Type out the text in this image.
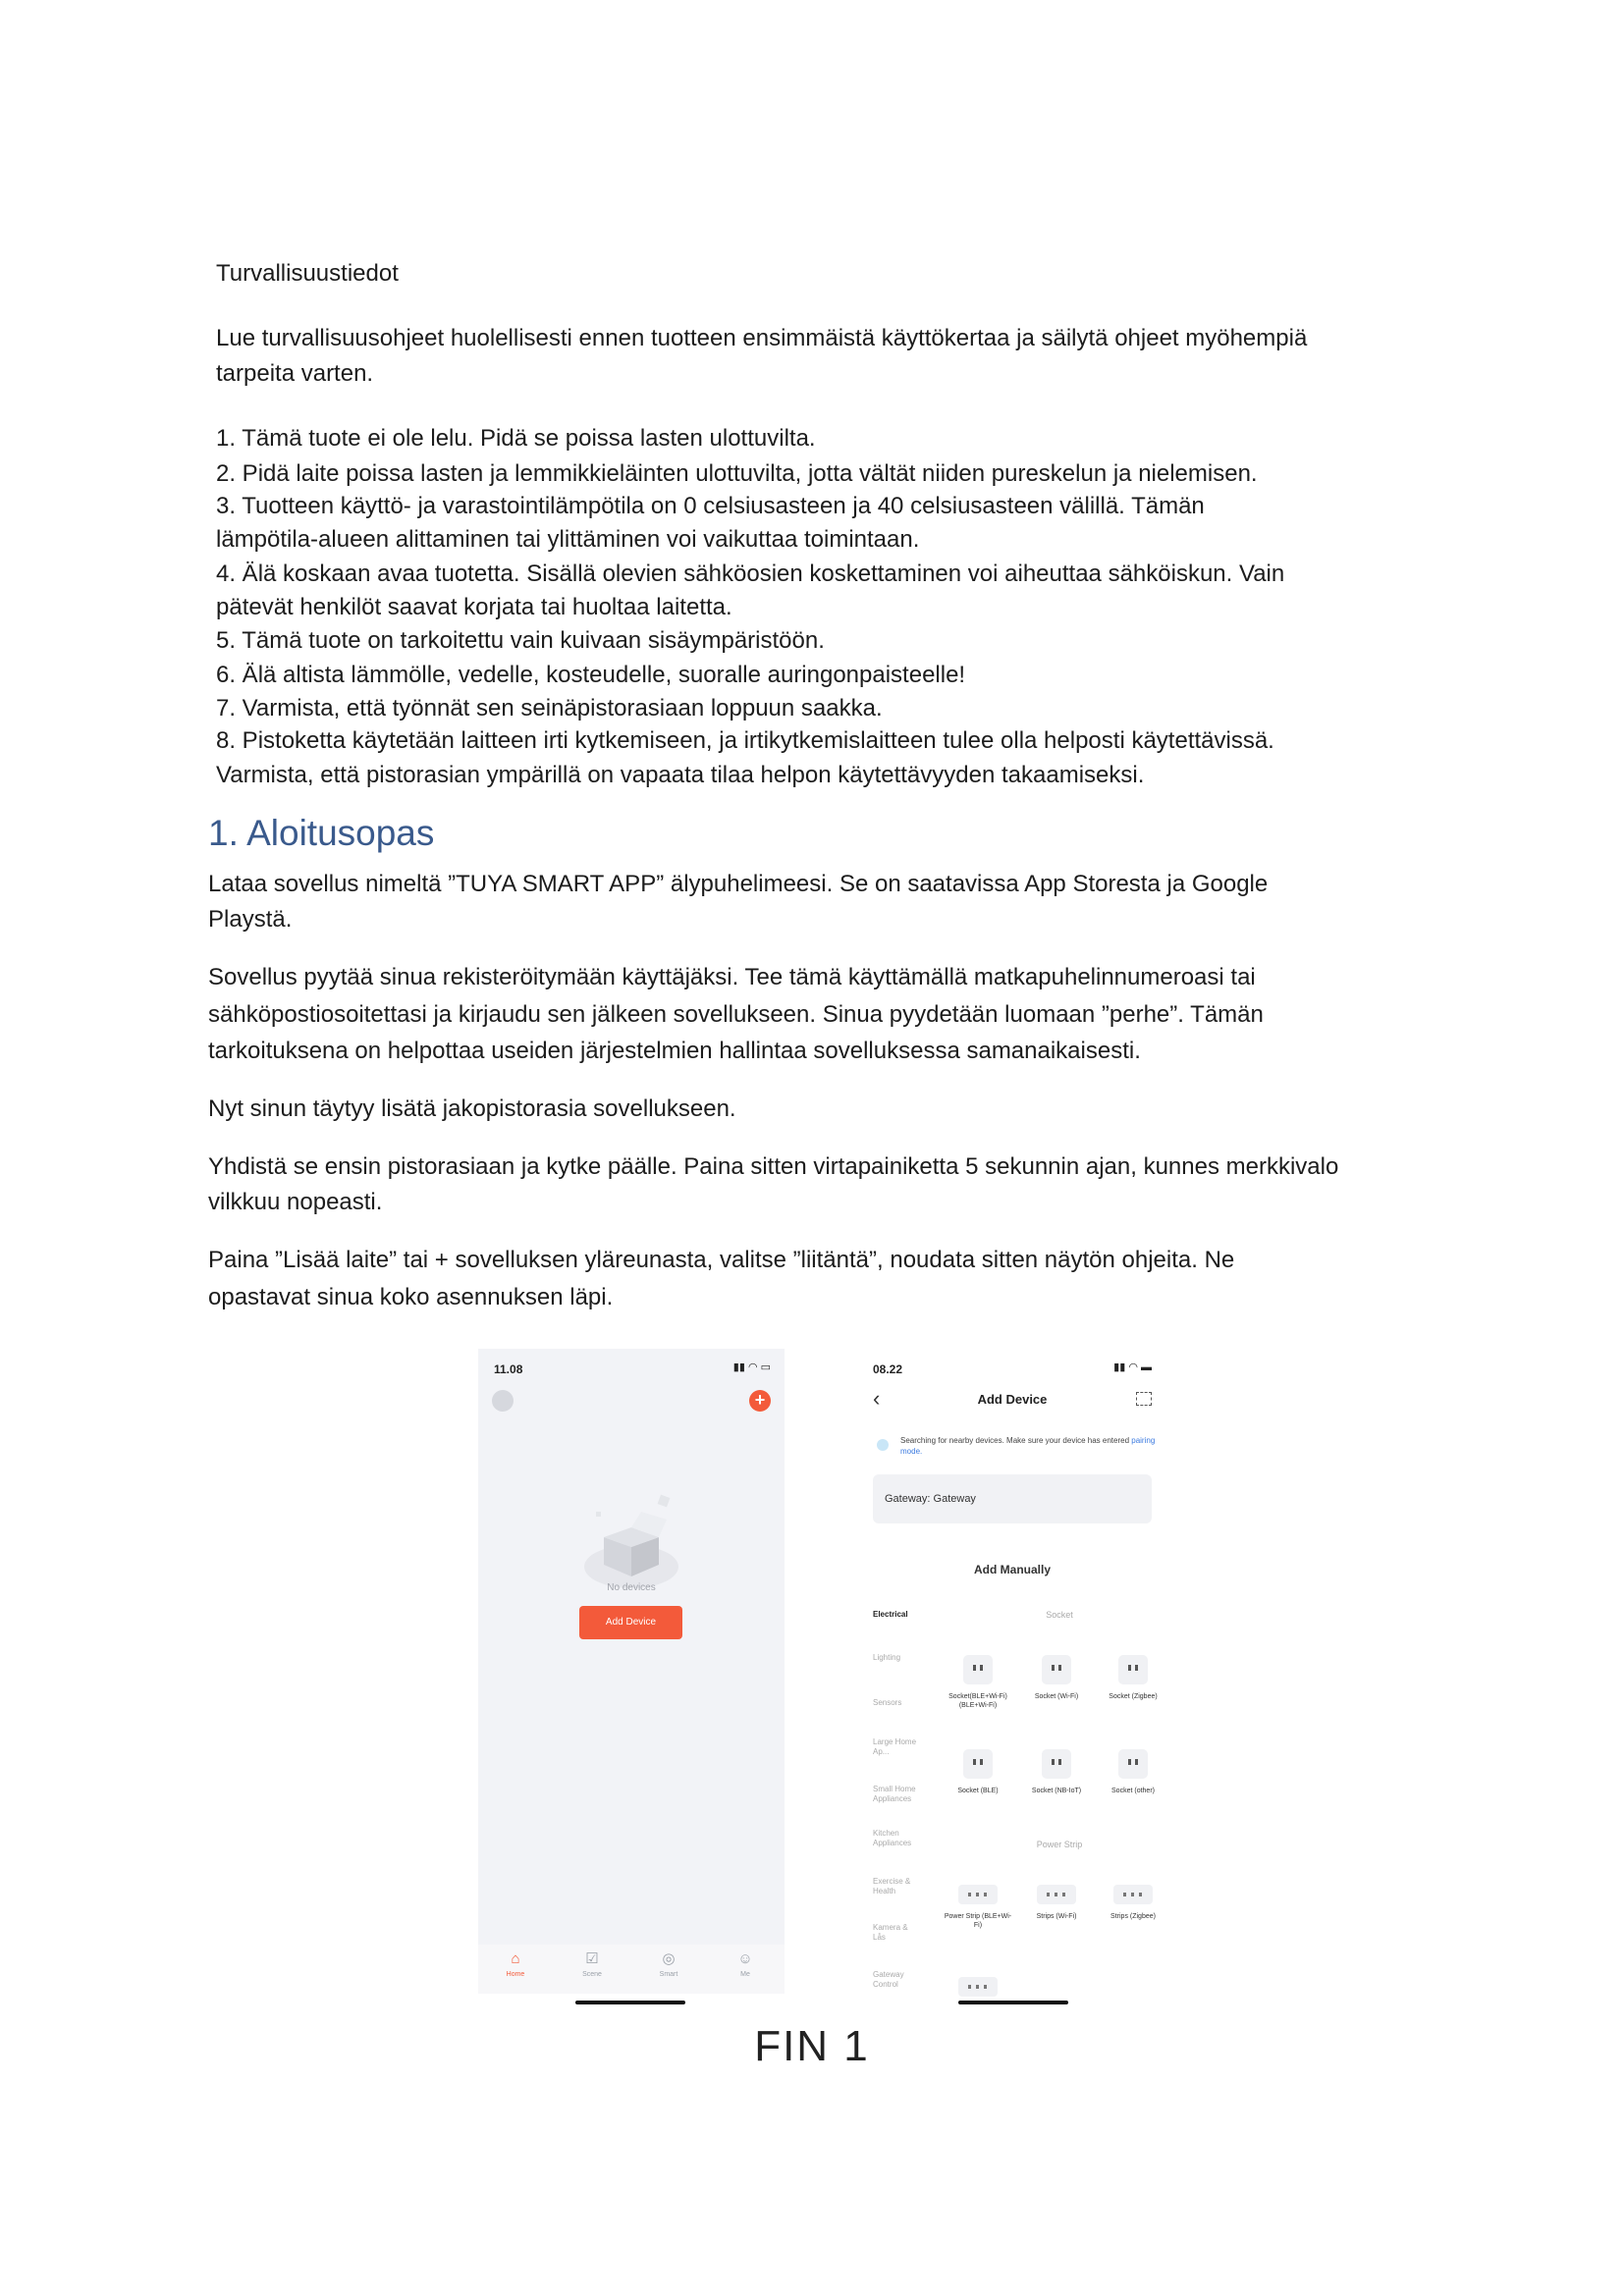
Turvallisuustiedot
Lue turvallisuusohjeet huolellisesti ennen tuotteen ensimmäistä käyttökertaa ja säilytä ohjeet myöhempiä
tarpeita varten.
1. Tämä tuote ei ole lelu. Pidä se poissa lasten ulottuvilta.
2. Pidä laite poissa lasten ja lemmikkieläinten ulottuvilta, jotta vältät niiden pureskelun ja nielemisen.
3. Tuotteen käyttö- ja varastointilämpötila on 0 celsiusasteen ja 40 celsiusasteen välillä. Tämän
lämpötila-alueen alittaminen tai ylittäminen voi vaikuttaa toimintaan.
4. Älä koskaan avaa tuotetta. Sisällä olevien sähköosien koskettaminen voi aiheuttaa sähköiskun. Vain
pätevät henkilöt saavat korjata tai huoltaa laitetta.
5. Tämä tuote on tarkoitettu vain kuivaan sisäympäristöön.
6. Älä altista lämmölle, vedelle, kosteudelle, suoralle auringonpaisteelle!
7. Varmista, että työnnät sen seinäpistorasiaan loppuun saakka.
8. Pistoketta käytetään laitteen irti kytkemiseen, ja irtikytkemislaitteen tulee olla helposti käytettävissä.
Varmista, että pistorasian ympärillä on vapaata tilaa helpon käytettävyyden takaamiseksi.
1. Aloitusopas
Lataa sovellus nimeltä ”TUYA SMART APP” älypuhelimeesi. Se on saatavissa App Storesta ja Google
Playstä.
Sovellus pyytää sinua rekisteröitymään käyttäjäksi. Tee tämä käyttämällä matkapuhelinnumeroasi tai
sähköpostiosoitettasi ja kirjaudu sen jälkeen sovellukseen. Sinua pyydetään luomaan ”perhe”. Tämän
tarkoituksena on helpottaa useiden järjestelmien hallintaa sovelluksessa samanaikaisesti.
Nyt sinun täytyy lisätä jakopistorasia sovellukseen.
Yhdistä se ensin pistorasiaan ja kytke päälle. Paina sitten virtapainiketta 5 sekunnin ajan, kunnes merkkivalo
vilkkuu nopeasti.
Paina ”Lisää laite” tai + sovelluksen yläreunasta, valitse ”liitäntä”, noudata sitten näytön ohjeita. Ne
opastavat sinua koko asennuksen läpi.
11.08	▮▮ ◠ ▭
+
No devices
Add Device
⌂
Home
☑
Scene
◎
Smart
☺
Me
08.22	▮▮ ◠ ▬
‹	Add Device
Searching for nearby devices. Make sure your device has entered pairing mode.
Gateway: Gateway
Add Manually
Electrical
Lighting
Sensors
Large Home Ap...
Small Home Appliances
Kitchen Appliances
Exercise & Health
Kamera & Lås
Gateway Control
Socket
Socket(BLE+Wi-Fi) (BLE+Wi-Fi)
Socket (Wi-Fi)	Socket (Zigbee)
Socket (BLE)	Socket (NB-IoT)	Socket (other)
Power Strip
Power Strip (BLE+Wi-Fi)
Strips (Wi-Fi)	Strips (Zigbee)
FIN 1
